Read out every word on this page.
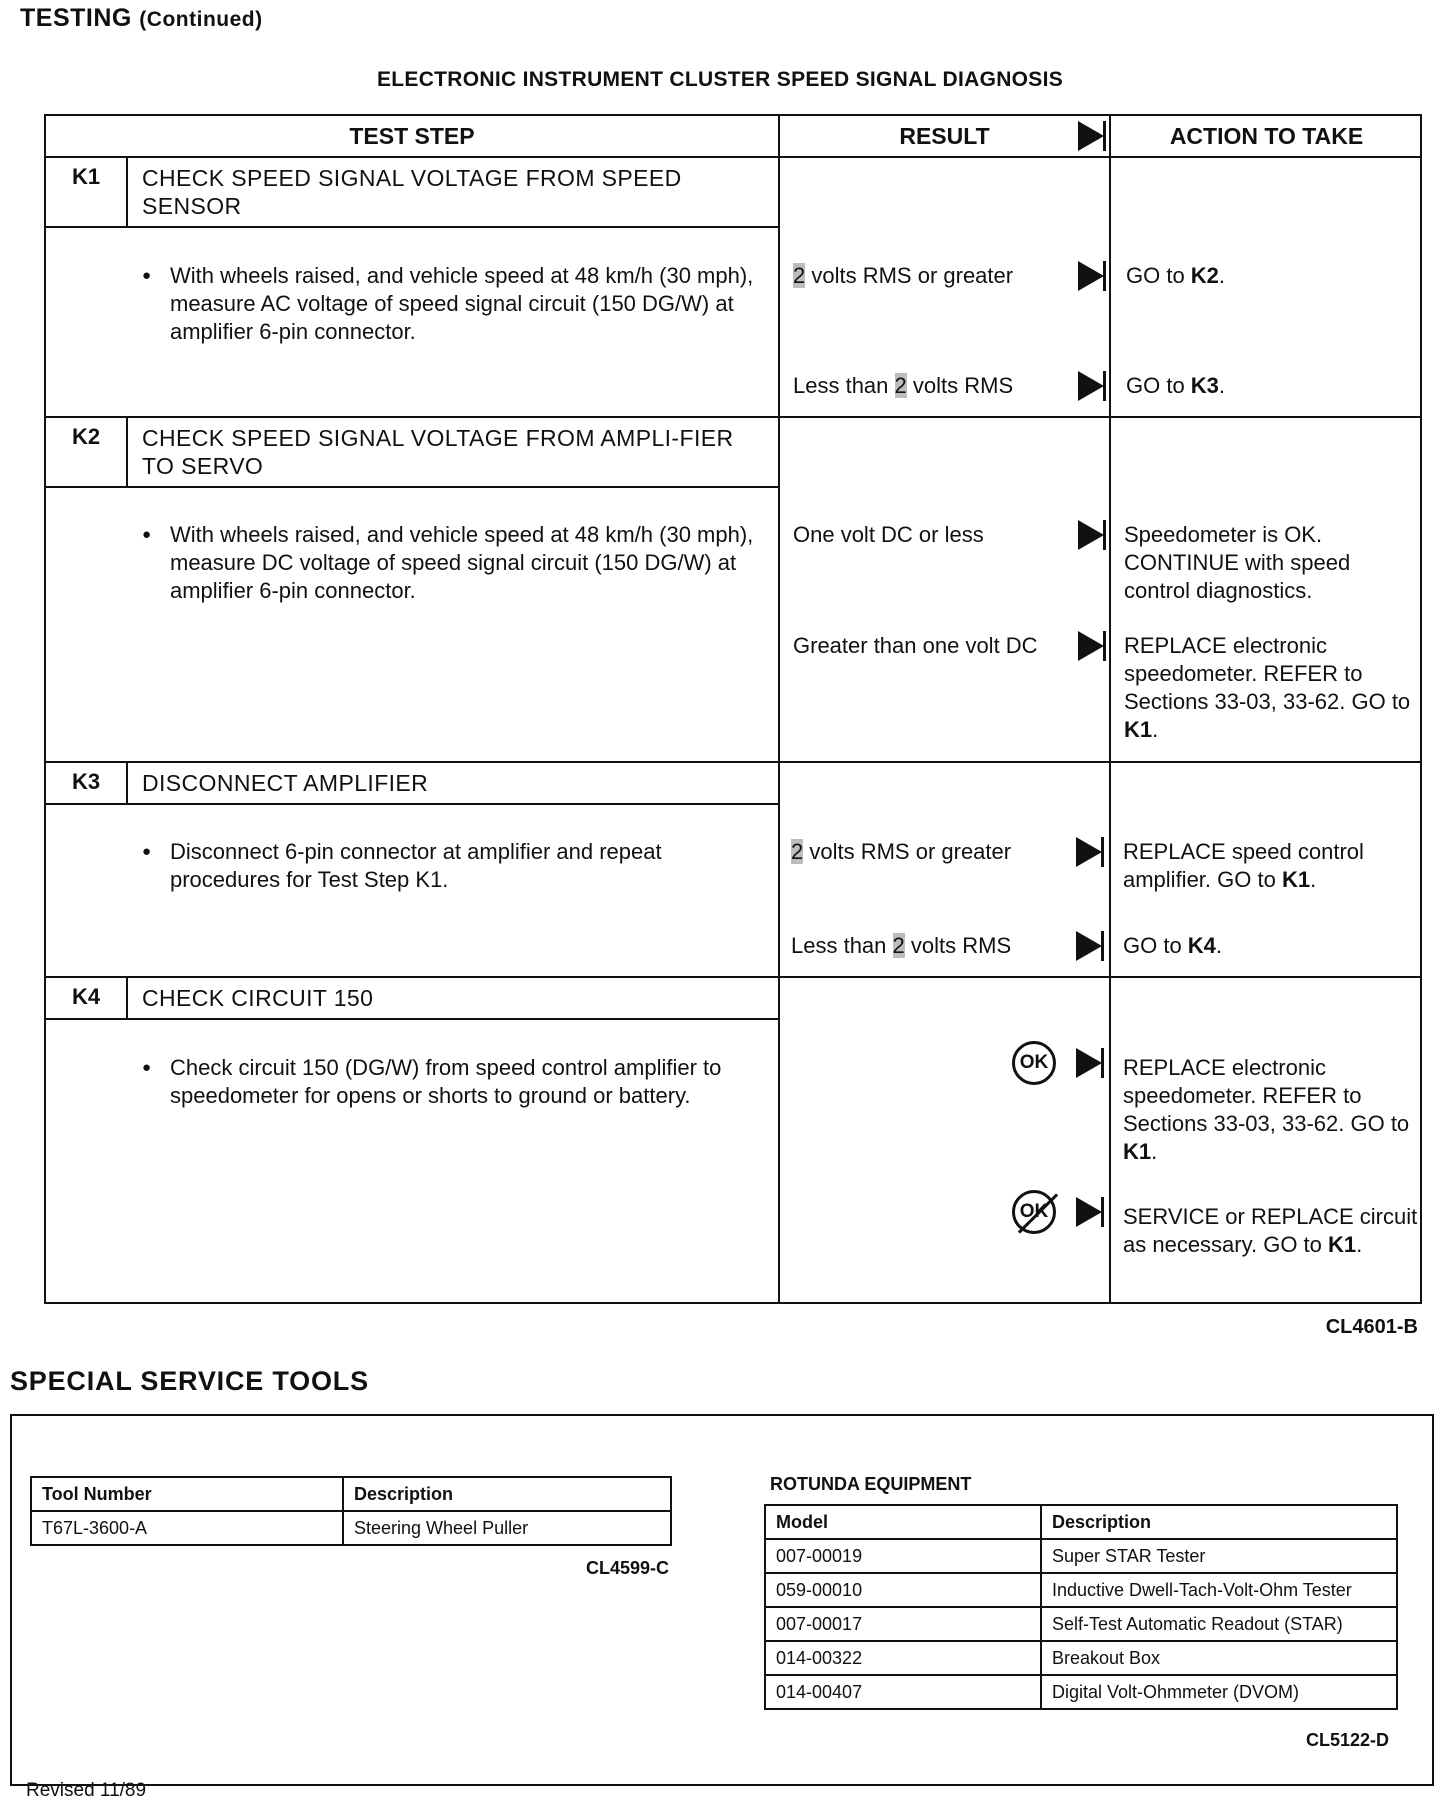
TESTING (Continued)
ELECTRONIC INSTRUMENT CLUSTER SPEED SIGNAL DIAGNOSIS
TEST STEP	RESULT	ACTION TO TAKE
K1	CHECK SPEED SIGNAL VOLTAGE FROM SPEED SENSOR
● With wheels raised, and vehicle speed at 48 km/h (30 mph), measure AC voltage of speed signal circuit (150 DG/W) at amplifier 6-pin connector.
2 volts RMS or greater	GO to K2.
Less than 2 volts RMS	GO to K3.
K2	CHECK SPEED SIGNAL VOLTAGE FROM AMPLI-FIER TO SERVO
● With wheels raised, and vehicle speed at 48 km/h (30 mph), measure DC voltage of speed signal circuit (150 DG/W) at amplifier 6-pin connector.
One volt DC or less	Speedometer is OK. CONTINUE with speed control diagnostics.
Greater than one volt DC	REPLACE electronic speedometer. REFER to Sections 33-03, 33-62. GO to K1.
K3	DISCONNECT AMPLIFIER
● Disconnect 6-pin connector at amplifier and repeat procedures for Test Step K1.
2 volts RMS or greater	REPLACE speed control amplifier. GO to K1.
Less than 2 volts RMS	GO to K4.
K4	CHECK CIRCUIT 150
● Check circuit 150 (DG/W) from speed control amplifier to speedometer for opens or shorts to ground or battery.
OK	REPLACE electronic speedometer. REFER to Sections 33-03, 33-62. GO to K1.
OK	SERVICE or REPLACE circuit as necessary. GO to K1.
CL4601-B
SPECIAL SERVICE TOOLS
Tool Number	Description
T67L-3600-A	Steering Wheel Puller
CL4599-C
ROTUNDA EQUIPMENT
Model	Description
007-00019	Super STAR Tester
059-00010	Inductive Dwell-Tach-Volt-Ohm Tester
007-00017	Self-Test Automatic Readout (STAR)
014-00322	Breakout Box
014-00407	Digital Volt-Ohmmeter (DVOM)
CL5122-D
Revised 11/89
